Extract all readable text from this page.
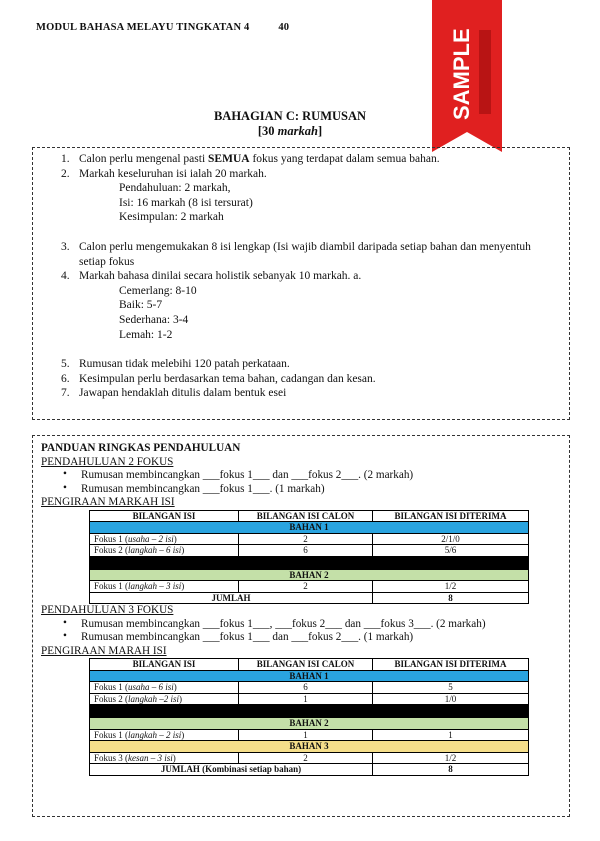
MODUL BAHASA MELAYU TINGKATAN 4	40
SAMPLE
BAHAGIAN C: RUMUSAN
[30 markah]
1. Calon perlu mengenal pasti SEMUA fokus yang terdapat dalam semua bahan.
2. Markah keseluruhan isi ialah 20 markah.
Pendahuluan: 2 markah,
Isi: 16 markah (8 isi tersurat)
Kesimpulan: 2 markah
3. Calon perlu mengemukakan 8 isi lengkap (Isi wajib diambil daripada setiap bahan dan menyentuh setiap fokus
4. Markah bahasa dinilai secara holistik sebanyak 10 markah. a.
Cemerlang: 8-10
Baik: 5-7
Sederhana: 3-4
Lemah: 1-2
5. Rumusan tidak melebihi 120 patah perkataan.
6. Kesimpulan perlu berdasarkan tema bahan, cadangan dan kesan.
7. Jawapan hendaklah ditulis dalam bentuk esei
PANDUAN RINGKAS PENDAHULUAN
PENDAHULUAN 2 FOKUS
• Rumusan membincangkan ___fokus 1___ dan ___fokus 2___. (2 markah)
• Rumusan membincangkan ___fokus 1___. (1 markah)
PENGIRAAN MARKAH ISI
BILANGAN ISI	BILANGAN ISI CALON	BILANGAN ISI DITERIMA
BAHAN 1		
Fokus 1 (usaha – 2 isi)	2	2/1/0
Fokus 2 (langkah – 6 isi)	6	5/6

BAHAN 2		
Fokus 1 (langkah – 3 isi)	2	1/2
JUMLAH		8
PENDAHULUAN 3 FOKUS
• Rumusan membincangkan ___fokus 1___, ___fokus 2___ dan ___fokus 3___. (2 markah)
• Rumusan membincangkan ___fokus 1___ dan ___fokus 2___. (1 markah)
PENGIRAAN MARAH ISI
BILANGAN ISI	BILANGAN ISI CALON	BILANGAN ISI DITERIMA
BAHAN 1		
Fokus 1 (usaha – 6 isi)	6	5
Fokus 2 (langkah –2 isi)	1	1/0

BAHAN 2		
Fokus 1 (langkah – 2 isi)	1	1
BAHAN 3		
Fokus 3 (kesan – 3 isi)	2	1/2
JUMLAH (Kombinasi setiap bahan)		8
